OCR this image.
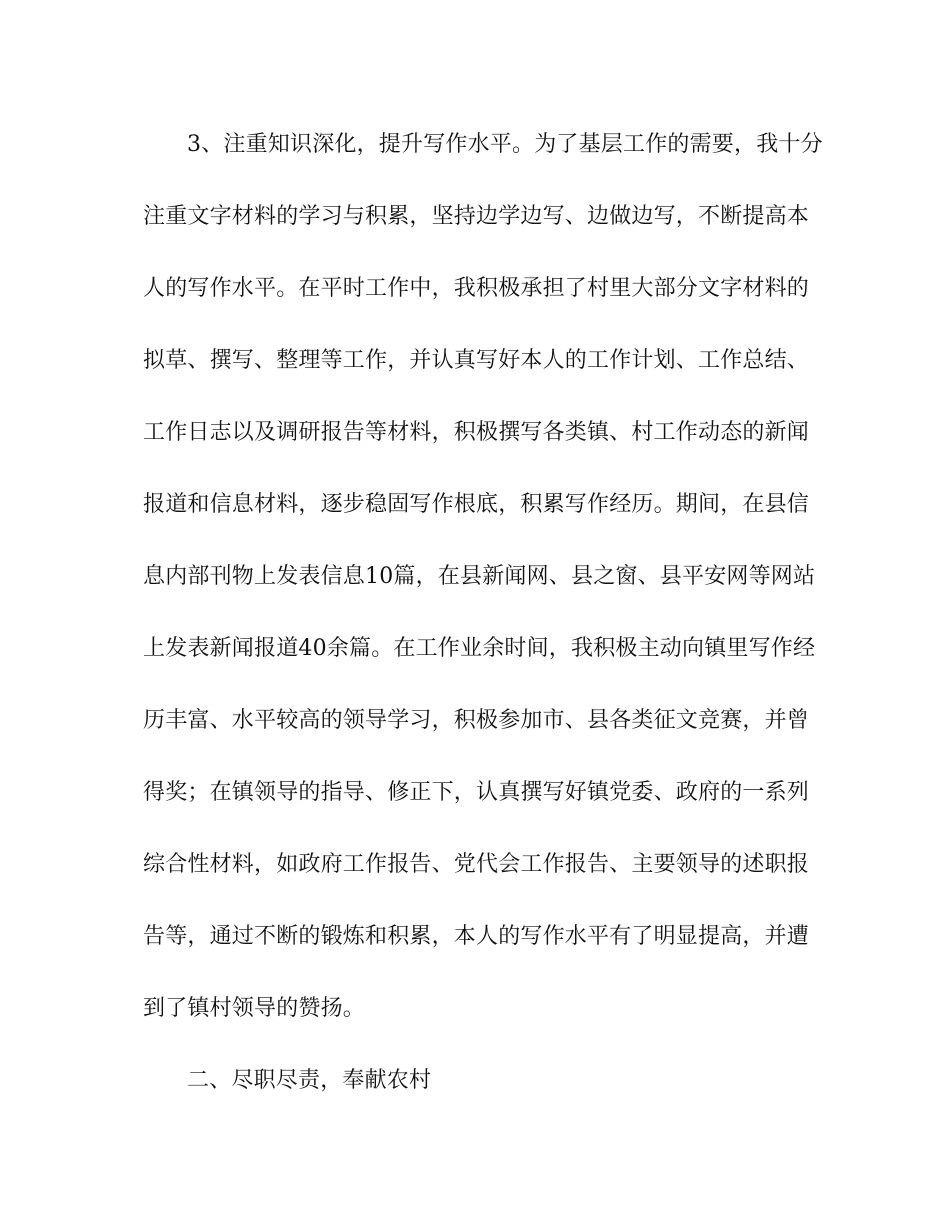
3、注重知识深化，提升写作水平。为了基层工作的需要，我十分
注重文字材料的学习与积累，坚持边学边写、边做边写，不断提高本
人的写作水平。在平时工作中，我积极承担了村里大部分文字材料的
拟草、撰写、整理等工作，并认真写好本人的工作计划、工作总结、
工作日志以及调研报告等材料，积极撰写各类镇、村工作动态的新闻
报道和信息材料，逐步稳固写作根底，积累写作经历。期间，在县信
息内部刊物上发表信息10篇，在县新闻网、县之窗、县平安网等网站
上发表新闻报道40余篇。在工作业余时间，我积极主动向镇里写作经
历丰富、水平较高的领导学习，积极参加市、县各类征文竞赛，并曾
得奖；在镇领导的指导、修正下，认真撰写好镇党委、政府的一系列
综合性材料，如政府工作报告、党代会工作报告、主要领导的述职报
告等，通过不断的锻炼和积累，本人的写作水平有了明显提高，并遭
到了镇村领导的赞扬。
二、尽职尽责，奉献农村
